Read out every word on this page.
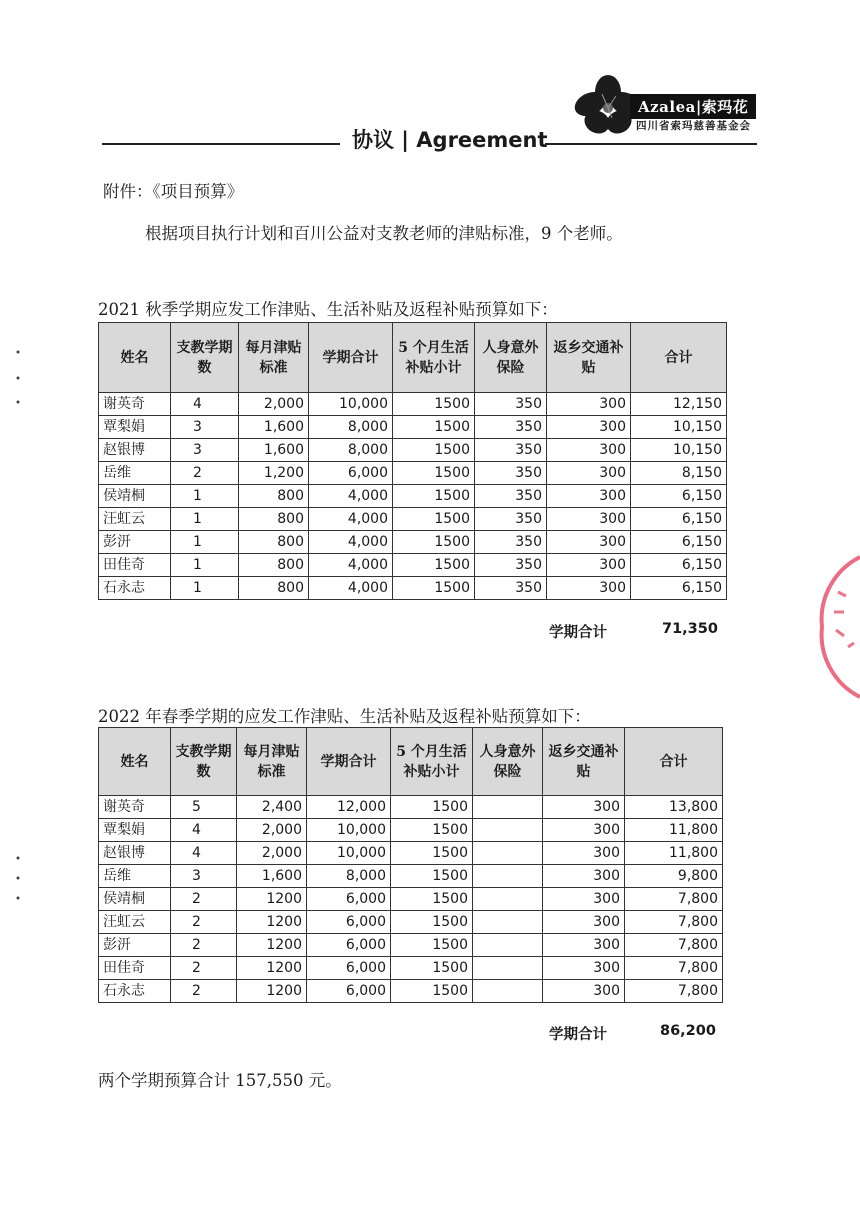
Azalea|索玛花
四川省索玛慈善基金会
协议 | Agreement
附件：《项目预算》
根据项目执行计划和百川公益对支教老师的津贴标准，9 个老师。
2021 秋季学期应发工作津贴、生活补贴及返程补贴预算如下：
姓名	支教学期数	每月津贴标准	学期合计	5 个月生活补贴小计	人身意外保险	返乡交通补贴	合计
谢英奇	4	2,000	10,000	1500	350	300	12,150
覃梨娟	3	1,600	8,000	1500	350	300	10,150
赵银博	3	1,600	8,000	1500	350	300	10,150
岳维	2	1,200	6,000	1500	350	300	8,150
侯靖桐	1	800	4,000	1500	350	300	6,150
汪虹云	1	800	4,000	1500	350	300	6,150
彭汧	1	800	4,000	1500	350	300	6,150
田佳奇	1	800	4,000	1500	350	300	6,150
石永志	1	800	4,000	1500	350	300	6,150
学期合计	71,350
2022 年春季学期的应发工作津贴、生活补贴及返程补贴预算如下：
姓名	支教学期数	每月津贴标准	学期合计	5 个月生活补贴小计	人身意外保险	返乡交通补贴	合计
谢英奇	5	2,400	12,000	1500		300	13,800
覃梨娟	4	2,000	10,000	1500		300	11,800
赵银博	4	2,000	10,000	1500		300	11,800
岳维	3	1,600	8,000	1500		300	9,800
侯靖桐	2	1200	6,000	1500		300	7,800
汪虹云	2	1200	6,000	1500		300	7,800
彭汧	2	1200	6,000	1500		300	7,800
田佳奇	2	1200	6,000	1500		300	7,800
石永志	2	1200	6,000	1500		300	7,800
学期合计	86,200
两个学期预算合计 157,550 元。
